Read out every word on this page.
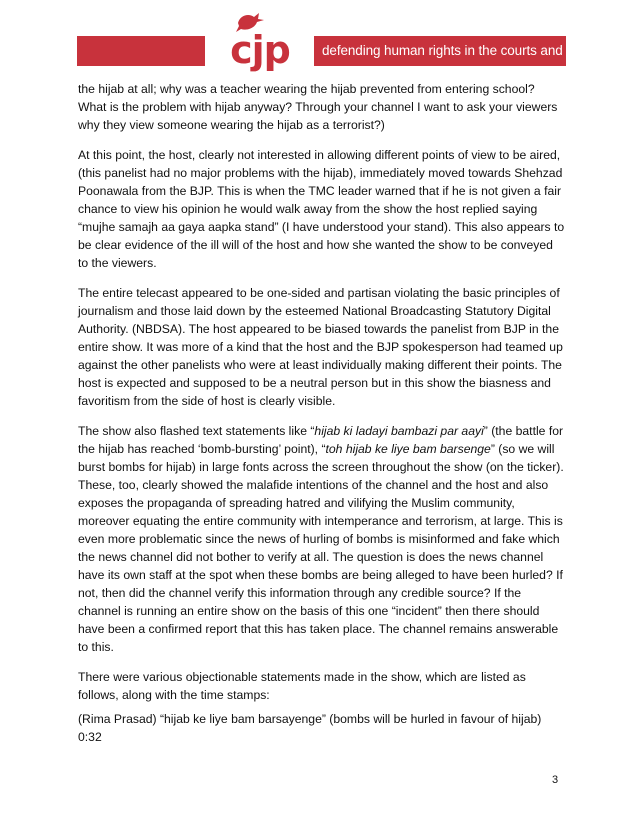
cjp	defending human rights in the courts and beyond

the hijab at all; why was a teacher wearing the hijab prevented from entering school? What is the problem with hijab anyway? Through your channel I want to ask your viewers why they view someone wearing the hijab as a terrorist?)

At this point, the host, clearly not interested in allowing different points of view to be aired, (this panelist had no major problems with the hijab), immediately moved towards Shehzad Poonawala from the BJP. This is when the TMC leader warned that if he is not given a fair chance to view his opinion he would walk away from the show the host replied saying “mujhe samajh aa gaya aapka stand” (I have understood your stand). This also appears to be clear evidence of the ill will of the host and how she wanted the show to be conveyed to the viewers.

The entire telecast appeared to be one-sided and partisan violating the basic principles of journalism and those laid down by the esteemed National Broadcasting Statutory Digital Authority. (NBDSA). The host appeared to be biased towards the panelist from BJP in the entire show. It was more of a kind that the host and the BJP spokesperson had teamed up against the other panelists who were at least individually making different their points. The host is expected and supposed to be a neutral person but in this show the biasness and favoritism from the side of host is clearly visible.

The show also flashed text statements like “hijab ki ladayi bambazi par aayi” (the battle for the hijab has reached ‘bomb-bursting’ point), “toh hijab ke liye bam barsenge” (so we will burst bombs for hijab) in large fonts across the screen throughout the show (on the ticker). These, too, clearly showed the malafide intentions of the channel and the host and also exposes the propaganda of spreading hatred and vilifying the Muslim community, moreover equating the entire community with intemperance and terrorism, at large. This is even more problematic since the news of hurling of bombs is misinformed and fake which the news channel did not bother to verify at all. The question is does the news channel have its own staff at the spot when these bombs are being alleged to have been hurled? If not, then did the channel verify this information through any credible source? If the channel is running an entire show on the basis of this one “incident” then there should have been a confirmed report that this has taken place. The channel remains answerable to this.

There were various objectionable statements made in the show, which are listed as follows, along with the time stamps:

(Rima Prasad) “hijab ke liye bam barsayenge” (bombs will be hurled in favour of hijab) 0:32

3
